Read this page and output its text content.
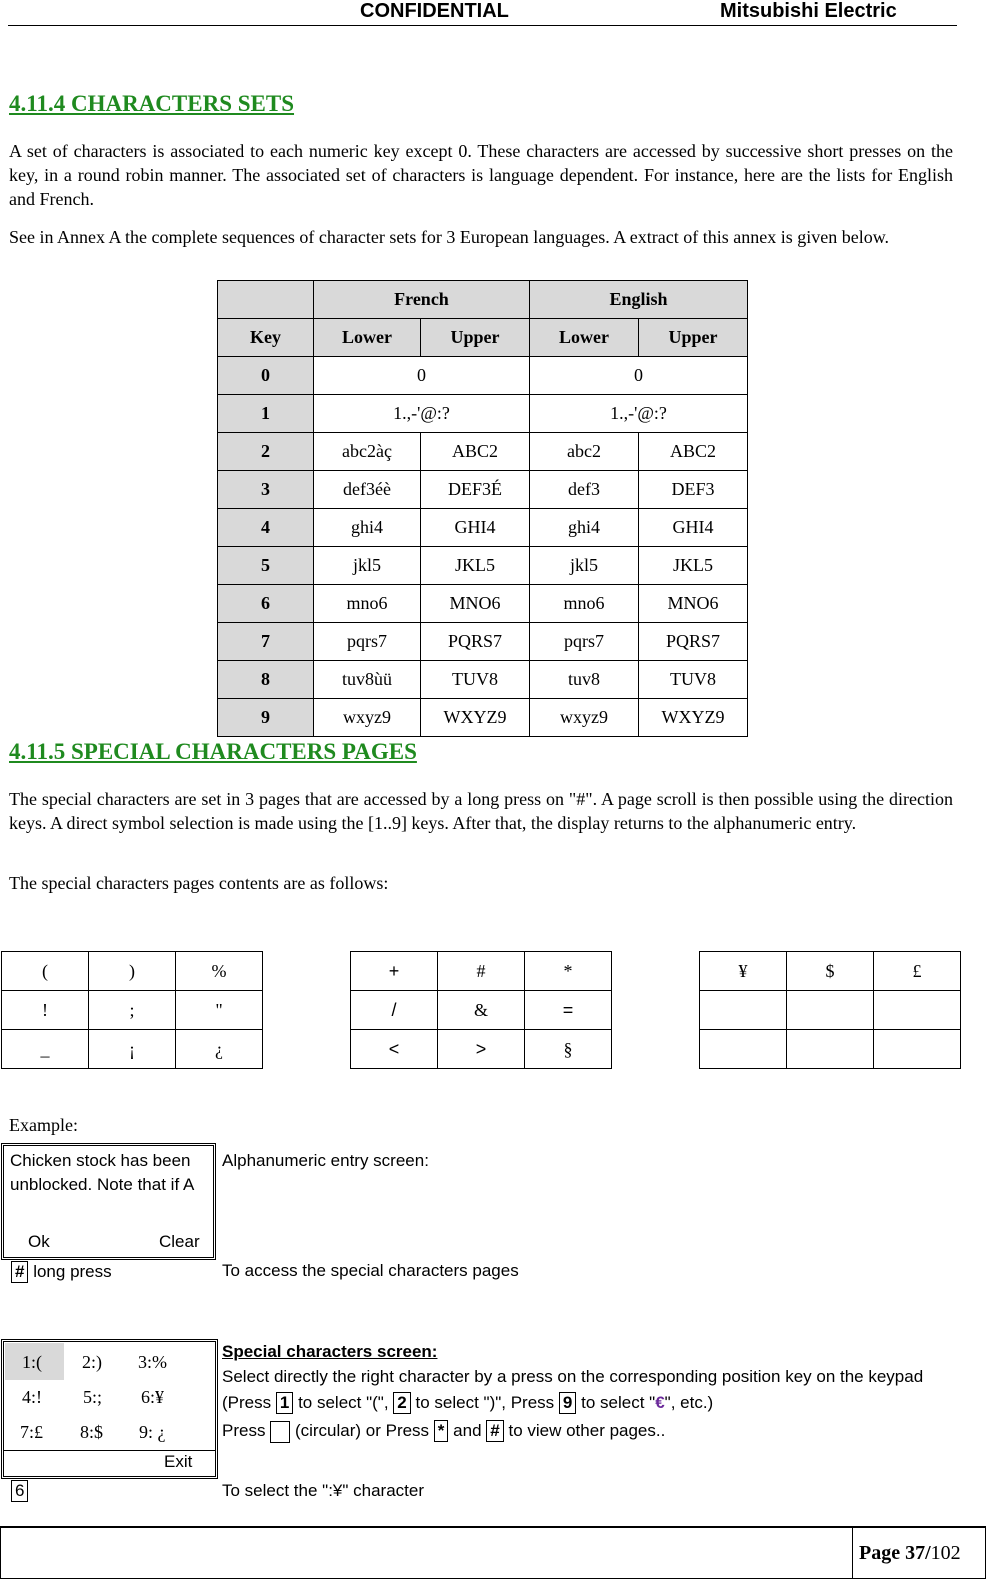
CONFIDENTIAL	Mitsubishi Electric
4.11.4 CHARACTERS SETS

A set of characters is associated to each numeric key except 0. These characters are accessed by successive short presses on the key, in a round robin manner. The associated set of characters is language dependent. For instance, here are the lists for English and French.

See in Annex A the complete sequences of character sets for 3 European languages. A extract of this annex is given below.

	French		English	
Key	Lower	Upper	Lower	Upper
0	0		0	
1	1.,-'@:?		1.,-'@:?	
2	abc2àç	ABC2	abc2	ABC2
3	def3éè	DEF3É	def3	DEF3
4	ghi4	GHI4	ghi4	GHI4
5	jkl5	JKL5	jkl5	JKL5
6	mno6	MNO6	mno6	MNO6
7	pqrs7	PQRS7	pqrs7	PQRS7
8	tuv8ùü	TUV8	tuv8	TUV8
9	wxyz9	WXYZ9	wxyz9	WXYZ9
4.11.5 SPECIAL CHARACTERS PAGES

The special characters are set in 3 pages that are accessed by a long press on "#". A page scroll is then possible using the direction keys. A direct symbol selection is made using the [1..9] keys. After that, the display returns to the alphanumeric entry.

The special characters pages contents are as follows:

(	)	%
!	;	"
_	¡	¿
+	#	*
/	&	=
<	>	§
¥	$	£

Example:
Chicken stock has been
unblocked. Note that if A
Ok	Clear
Alphanumeric entry screen:
# long press	To access the special characters pages
1:( 2:) 3:%
4:! 5:; 6:¥
7:£ 8:$ 9: ¿
Exit
Special characters screen:
Select directly the right character by a press on the corresponding position key on the keypad
(Press 1 to select "(", 2 to select ")", Press 9 to select "€", etc.)
Press (circular) or Press * and # to view other pages..
6	To select the ":¥" character
Page 37/102
